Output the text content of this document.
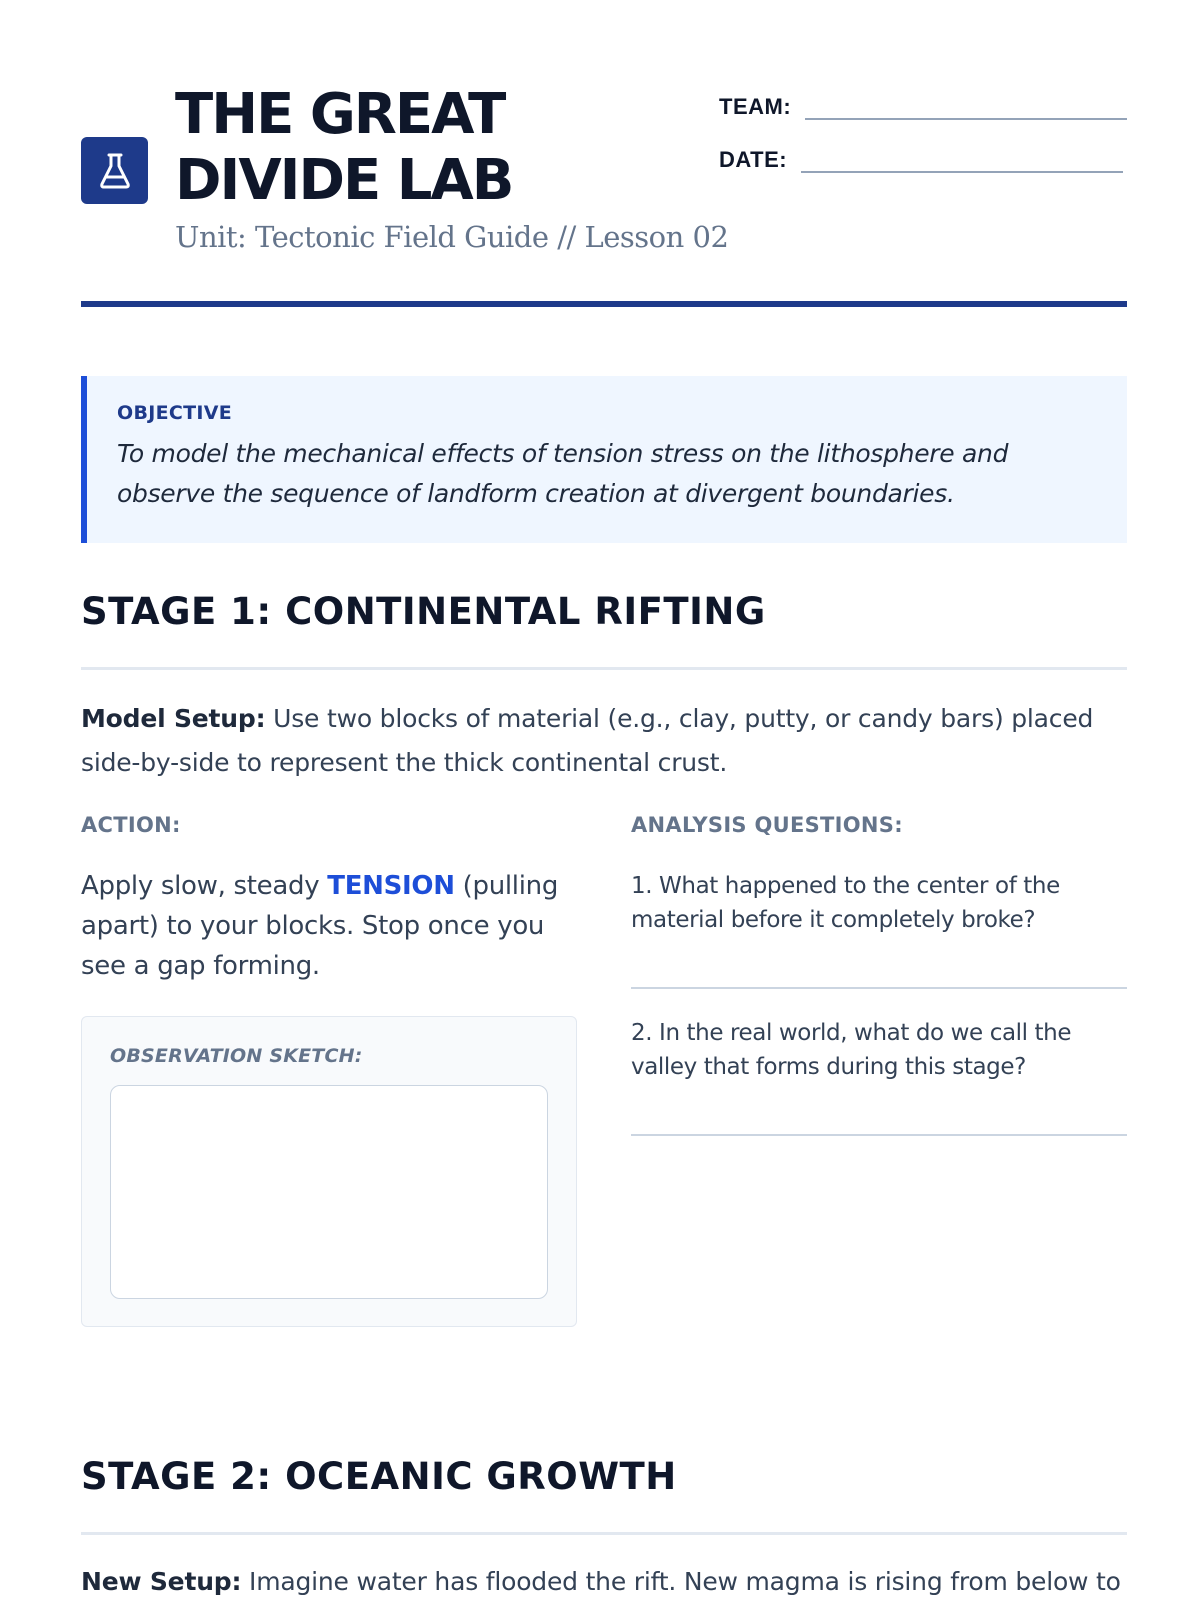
THE GREAT
DIVIDE LAB
Unit: Tectonic Field Guide // Lesson 02
TEAM:
DATE:
OBJECTIVE
To model the mechanical effects of tension stress on the lithosphere and observe the sequence of landform creation at divergent boundaries.
STAGE 1: CONTINENTAL RIFTING
Model Setup: Use two blocks of material (e.g., clay, putty, or candy bars) placed side-by-side to represent the thick continental crust.
ACTION:	ANALYSIS QUESTIONS:
Apply slow, steady TENSION (pulling apart) to your blocks. Stop once you see a gap forming.
OBSERVATION SKETCH:
1. What happened to the center of the material before it completely broke?
2. In the real world, what do we call the valley that forms during this stage?
STAGE 2: OCEANIC GROWTH
New Setup: Imagine water has flooded the rift. New magma is rising from below to
